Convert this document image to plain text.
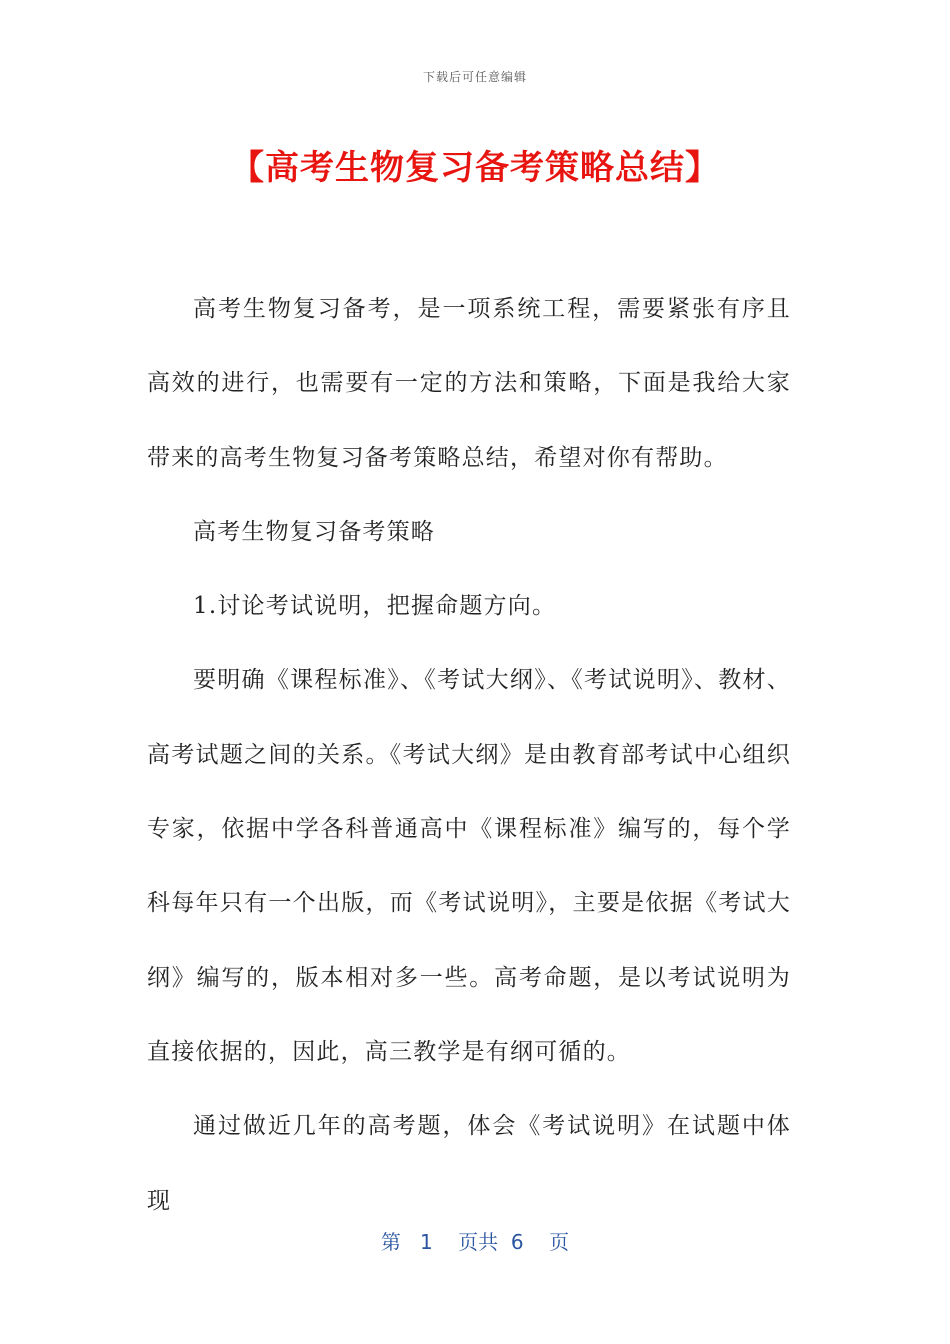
下载后可任意编辑
【高考生物复习备考策略总结】

高考生物复习备考，是一项系统工程，需要紧张有序且高效的进行，也需要有一定的方法和策略，下面是我给大家带来的高考生物复习备考策略总结，希望对你有帮助。

高考生物复习备考策略

1.讨论考试说明，把握命题方向。

要明确《课程标准》、《考试大纲》、《考试说明》、教材、高考试题之间的关系。《考试大纲》是由教育部考试中心组织专家，依据中学各科普通高中《课程标准》编写的，每个学科每年只有一个出版，而《考试说明》，主要是依据《考试大纲》编写的，版本相对多一些。高考命题，是以考试说明为直接依据的，因此，高三教学是有纲可循的。

通过做近几年的高考题，体会《考试说明》在试题中体现

第 1 页共 6 页
